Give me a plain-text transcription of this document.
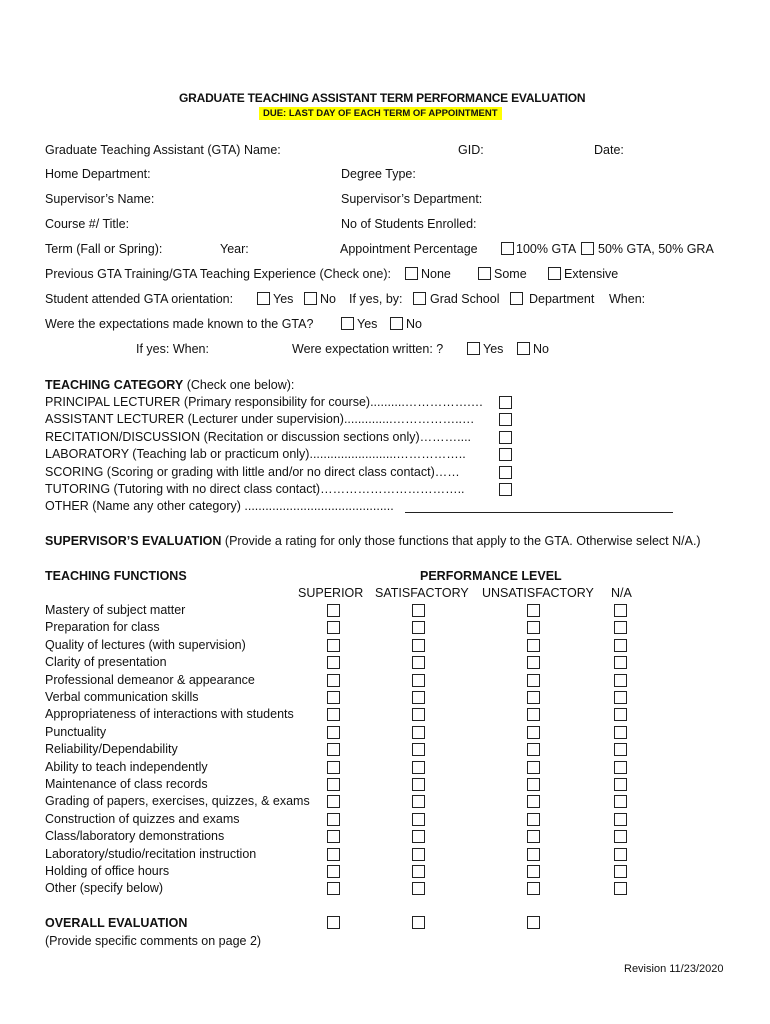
GRADUATE TEACHING ASSISTANT TERM PERFORMANCE EVALUATION
DUE: LAST DAY OF EACH TERM OF APPOINTMENT
Graduate Teaching Assistant (GTA) Name:	GID:	Date:
Home Department:	Degree Type:
Supervisor’s Name:	Supervisor’s Department:
Course #/ Title:	No of Students Enrolled:
Term (Fall or Spring):	Year:	Appointment Percentage	100% GTA 50% GTA, 50% GRA
Previous GTA Training/GTA Teaching Experience (Check one): None	Some	Extensive
Student attended GTA orientation:	Yes No If yes, by: Grad School Department When:
Were the expectations made known to the GTA?	Yes No
If yes: When:	Were expectation written: ?	Yes No
TEACHING CATEGORY (Check one below):
PRINCIPAL LECTURER (Primary responsibility for course)..........…………….…
ASSISTANT LECTURER (Lecturer under supervision)..............……………..…
RECITATION/DISCUSSION (Recitation or discussion sections only)………....
LABORATORY (Teaching lab or practicum only).........................……………..
SCORING (Scoring or grading with little and/or no direct class contact)……
TUTORING (Tutoring with no direct class contact)……………………………..
OTHER (Name any other category) ...........................................
SUPERVISOR’S EVALUATION (Provide a rating for only those functions that apply to the GTA. Otherwise select N/A.)
TEACHING FUNCTIONS	PERFORMANCE LEVEL
SUPERIOR SATISFACTORY UNSATISFACTORY N/A
Mastery of subject matter
Preparation for class
Quality of lectures (with supervision)
Clarity of presentation
Professional demeanor & appearance
Verbal communication skills
Appropriateness of interactions with students
Punctuality
Reliability/Dependability
Ability to teach independently
Maintenance of class records
Grading of papers, exercises, quizzes, & exams
Construction of quizzes and exams
Class/laboratory demonstrations
Laboratory/studio/recitation instruction
Holding of office hours
Other (specify below)
OVERALL EVALUATION
(Provide specific comments on page 2)
Revision 11/23/2020
